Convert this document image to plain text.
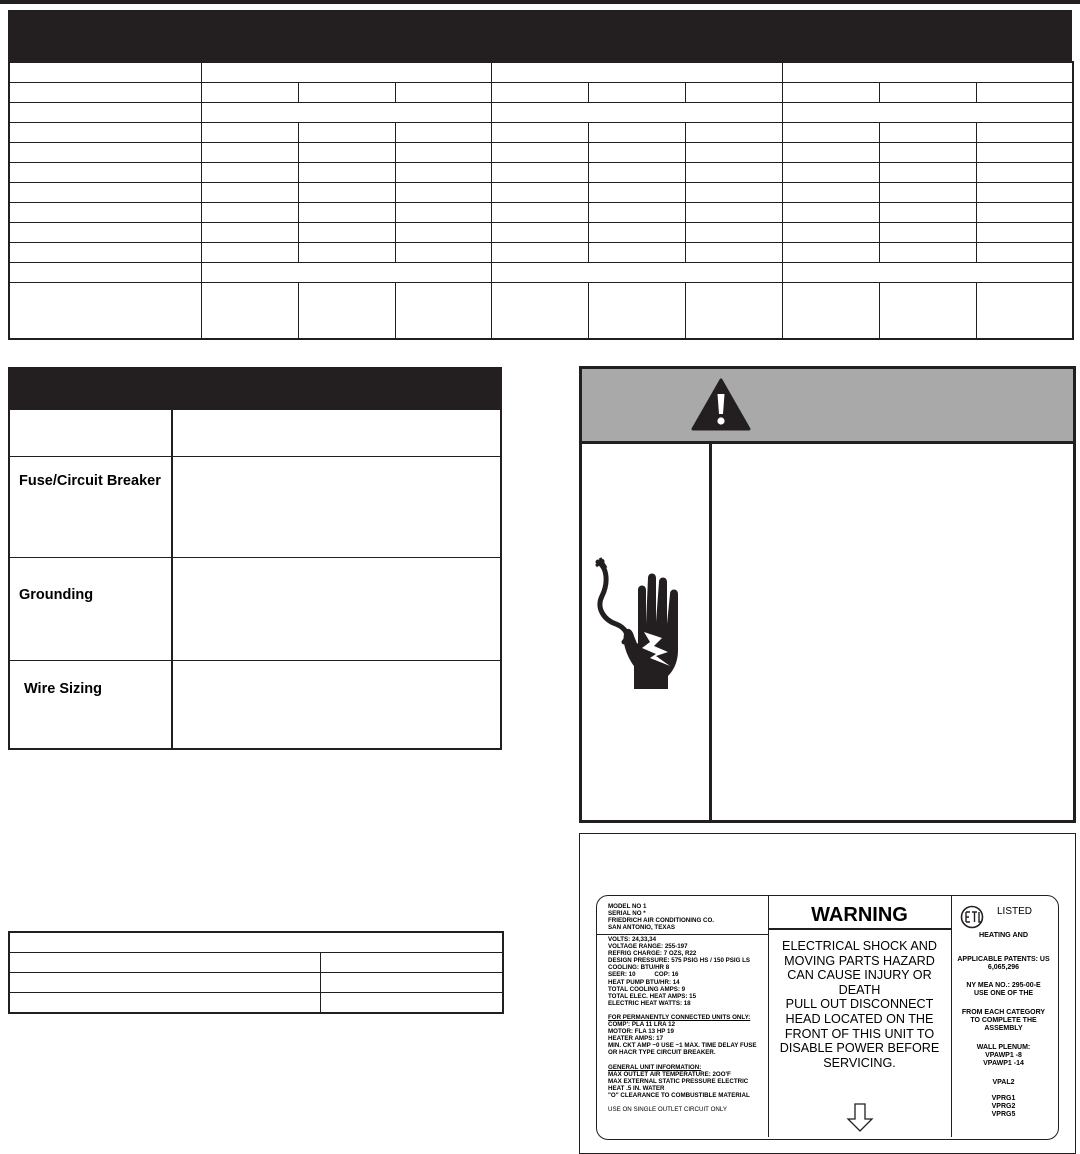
Fuse/Circuit Breaker
Grounding
Wire Sizing

MODEL NO 1
SERIAL NO *
FRIEDRICH AIR CONDITIONING CO.
SAN ANTONIO, TEXAS
VOLTS: 24,33,34
VOLTAGE RANGE: 255-197
REFRIG CHARGE: 7 OZS, R22
DESIGN PRESSURE: 575 PSIG HS / 150 PSIG LS
COOLING: BTU/HR 8
SEER: 10           COP: 16
HEAT PUMP BTU/HR: 14
TOTAL COOLING AMPS: 9
TOTAL ELEC. HEAT AMPS: 15
ELECTRIC HEAT WATTS: 18
FOR PERMANENTLY CONNECTED UNITS ONLY:
COMP': PLA 11 LRA 12
MOTOR: FLA 13 HP 19
HEATER AMPS: 17
MIN. CKT AMP ~0 USE ~1 MAX. TIME DELAY FUSE
OR HACR TYPE CIRCUIT BREAKER.
GENERAL UNIT INFORMATION:
MAX OUTLET AIR TEMPERATURE: 2OO'F
MAX EXTERNAL STATIC PRESSURE ELECTRIC
HEAT .5 IN. WATER
"O" CLEARANCE TO COMBUSTIBLE MATERIAL
USE ON SINGLE OUTLET CIRCUIT ONLY
WARNING
ELECTRICAL SHOCK AND
MOVING PARTS HAZARD
CAN CAUSE INJURY OR
DEATH
PULL OUT DISCONNECT
HEAD LOCATED ON THE
FRONT OF THIS UNIT TO
DISABLE POWER BEFORE
SERVICING.
LISTED
HEATING AND
APPLICABLE PATENTS: US
6,065,296
NY MEA NO.: 295-00-E
USE ONE OF THE
FROM EACH CATEGORY
TO COMPLETE THE
ASSEMBLY
WALL PLENUM:
VPAWP1 -8
VPAWP1 -14
VPAL2
VPRG1
VPRG2
VPRG5
